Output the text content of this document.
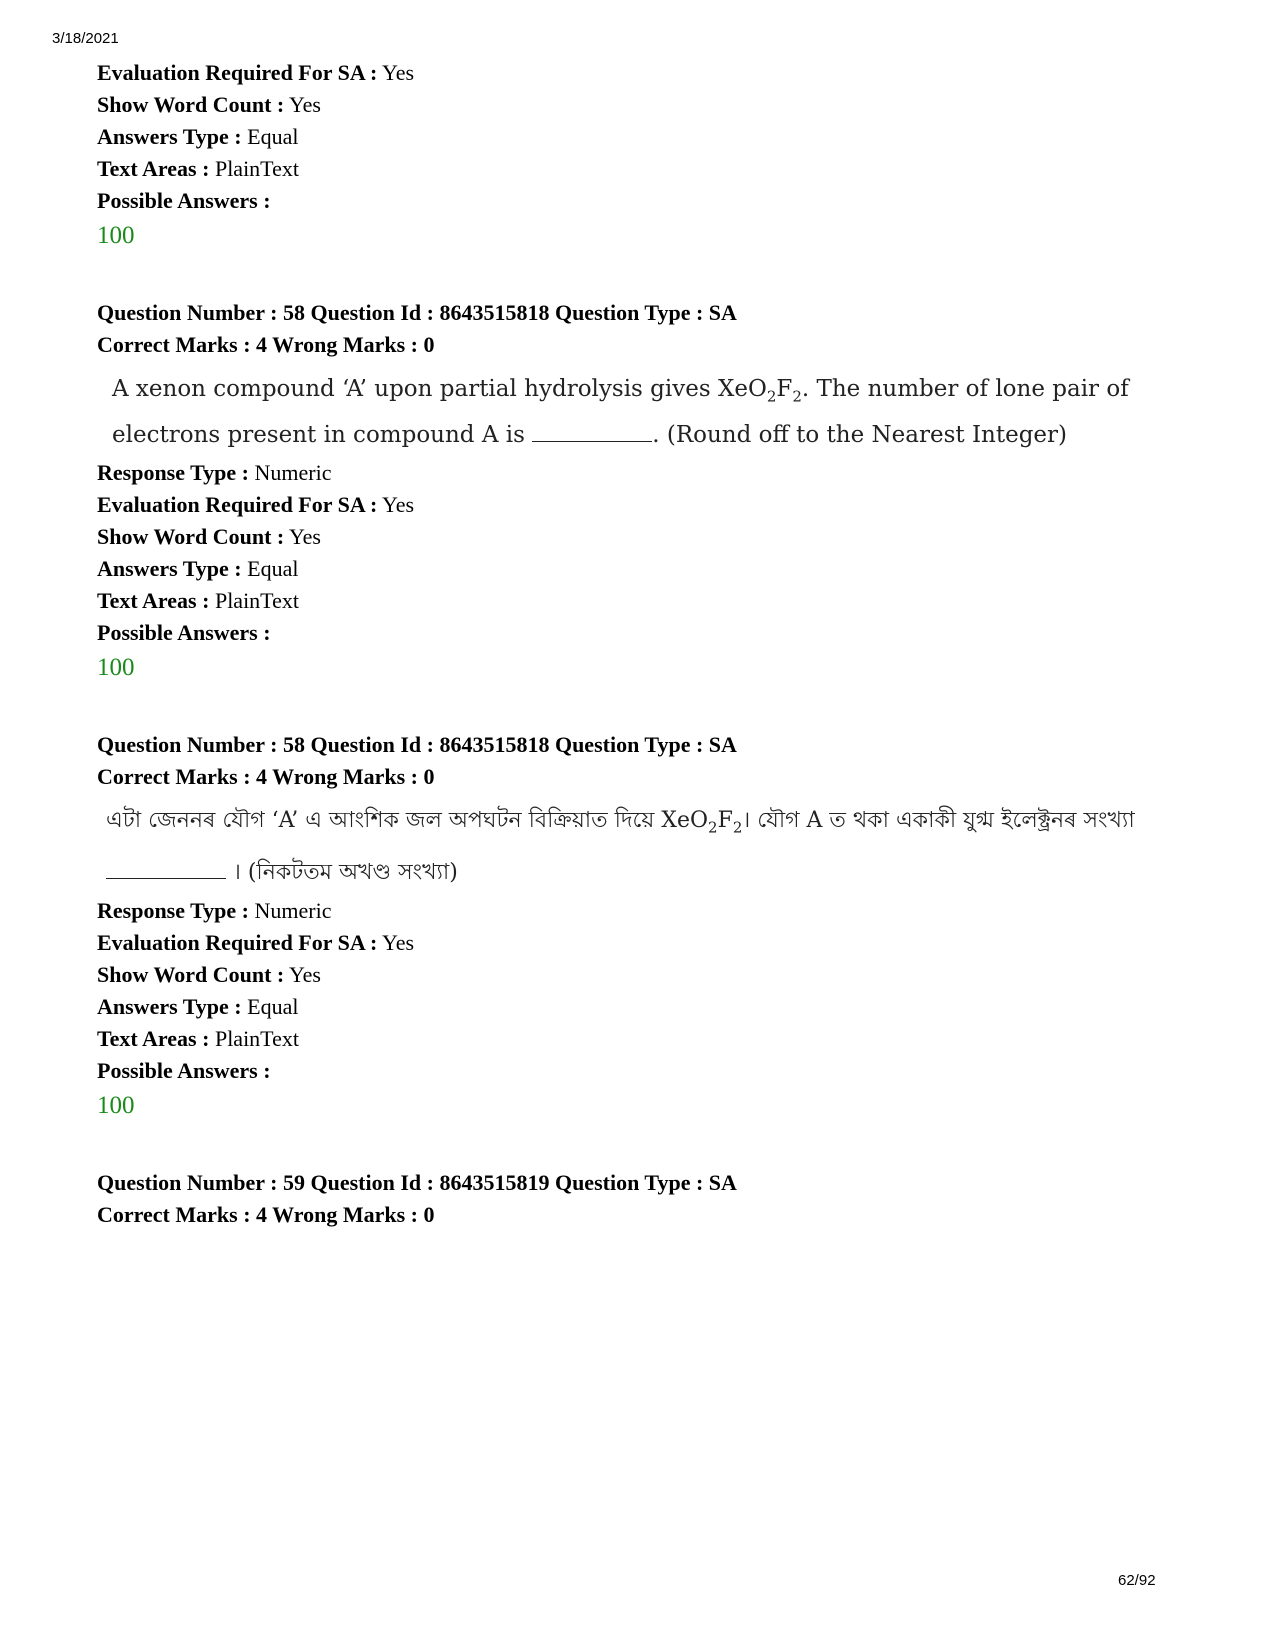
3/18/2021
Evaluation Required For SA : Yes
Show Word Count : Yes
Answers Type : Equal
Text Areas : PlainText
Possible Answers :
100
Question Number : 58 Question Id : 8643515818 Question Type : SA
Correct Marks : 4 Wrong Marks : 0
A xenon compound ‘A’ upon partial hydrolysis gives $XeO_2F_2$. The number of lone pair of
electrons present in compound A is	. (Round off to the Nearest Integer)
Response Type : Numeric
Evaluation Required For SA : Yes
Show Word Count : Yes
Answers Type : Equal
Text Areas : PlainText
Possible Answers :
100
Question Number : 58 Question Id : 8643515818 Question Type : SA
Correct Marks : 4 Wrong Marks : 0
এটা জেননৰ যৌগ ‘A’ এ আংশিক জল অপঘটন বিক্রিয়াত দিয়ে $XeO_2F_2।$ যৌগ A ত থকা একাকী যুগ্ম ইলেক্ট্রনৰ সংখ্যা
। (নিকটতম অখণ্ড সংখ্যা)
Response Type : Numeric
Evaluation Required For SA : Yes
Show Word Count : Yes
Answers Type : Equal
Text Areas : PlainText
Possible Answers :
100
Question Number : 59 Question Id : 8643515819 Question Type : SA
Correct Marks : 4 Wrong Marks : 0
62/92
